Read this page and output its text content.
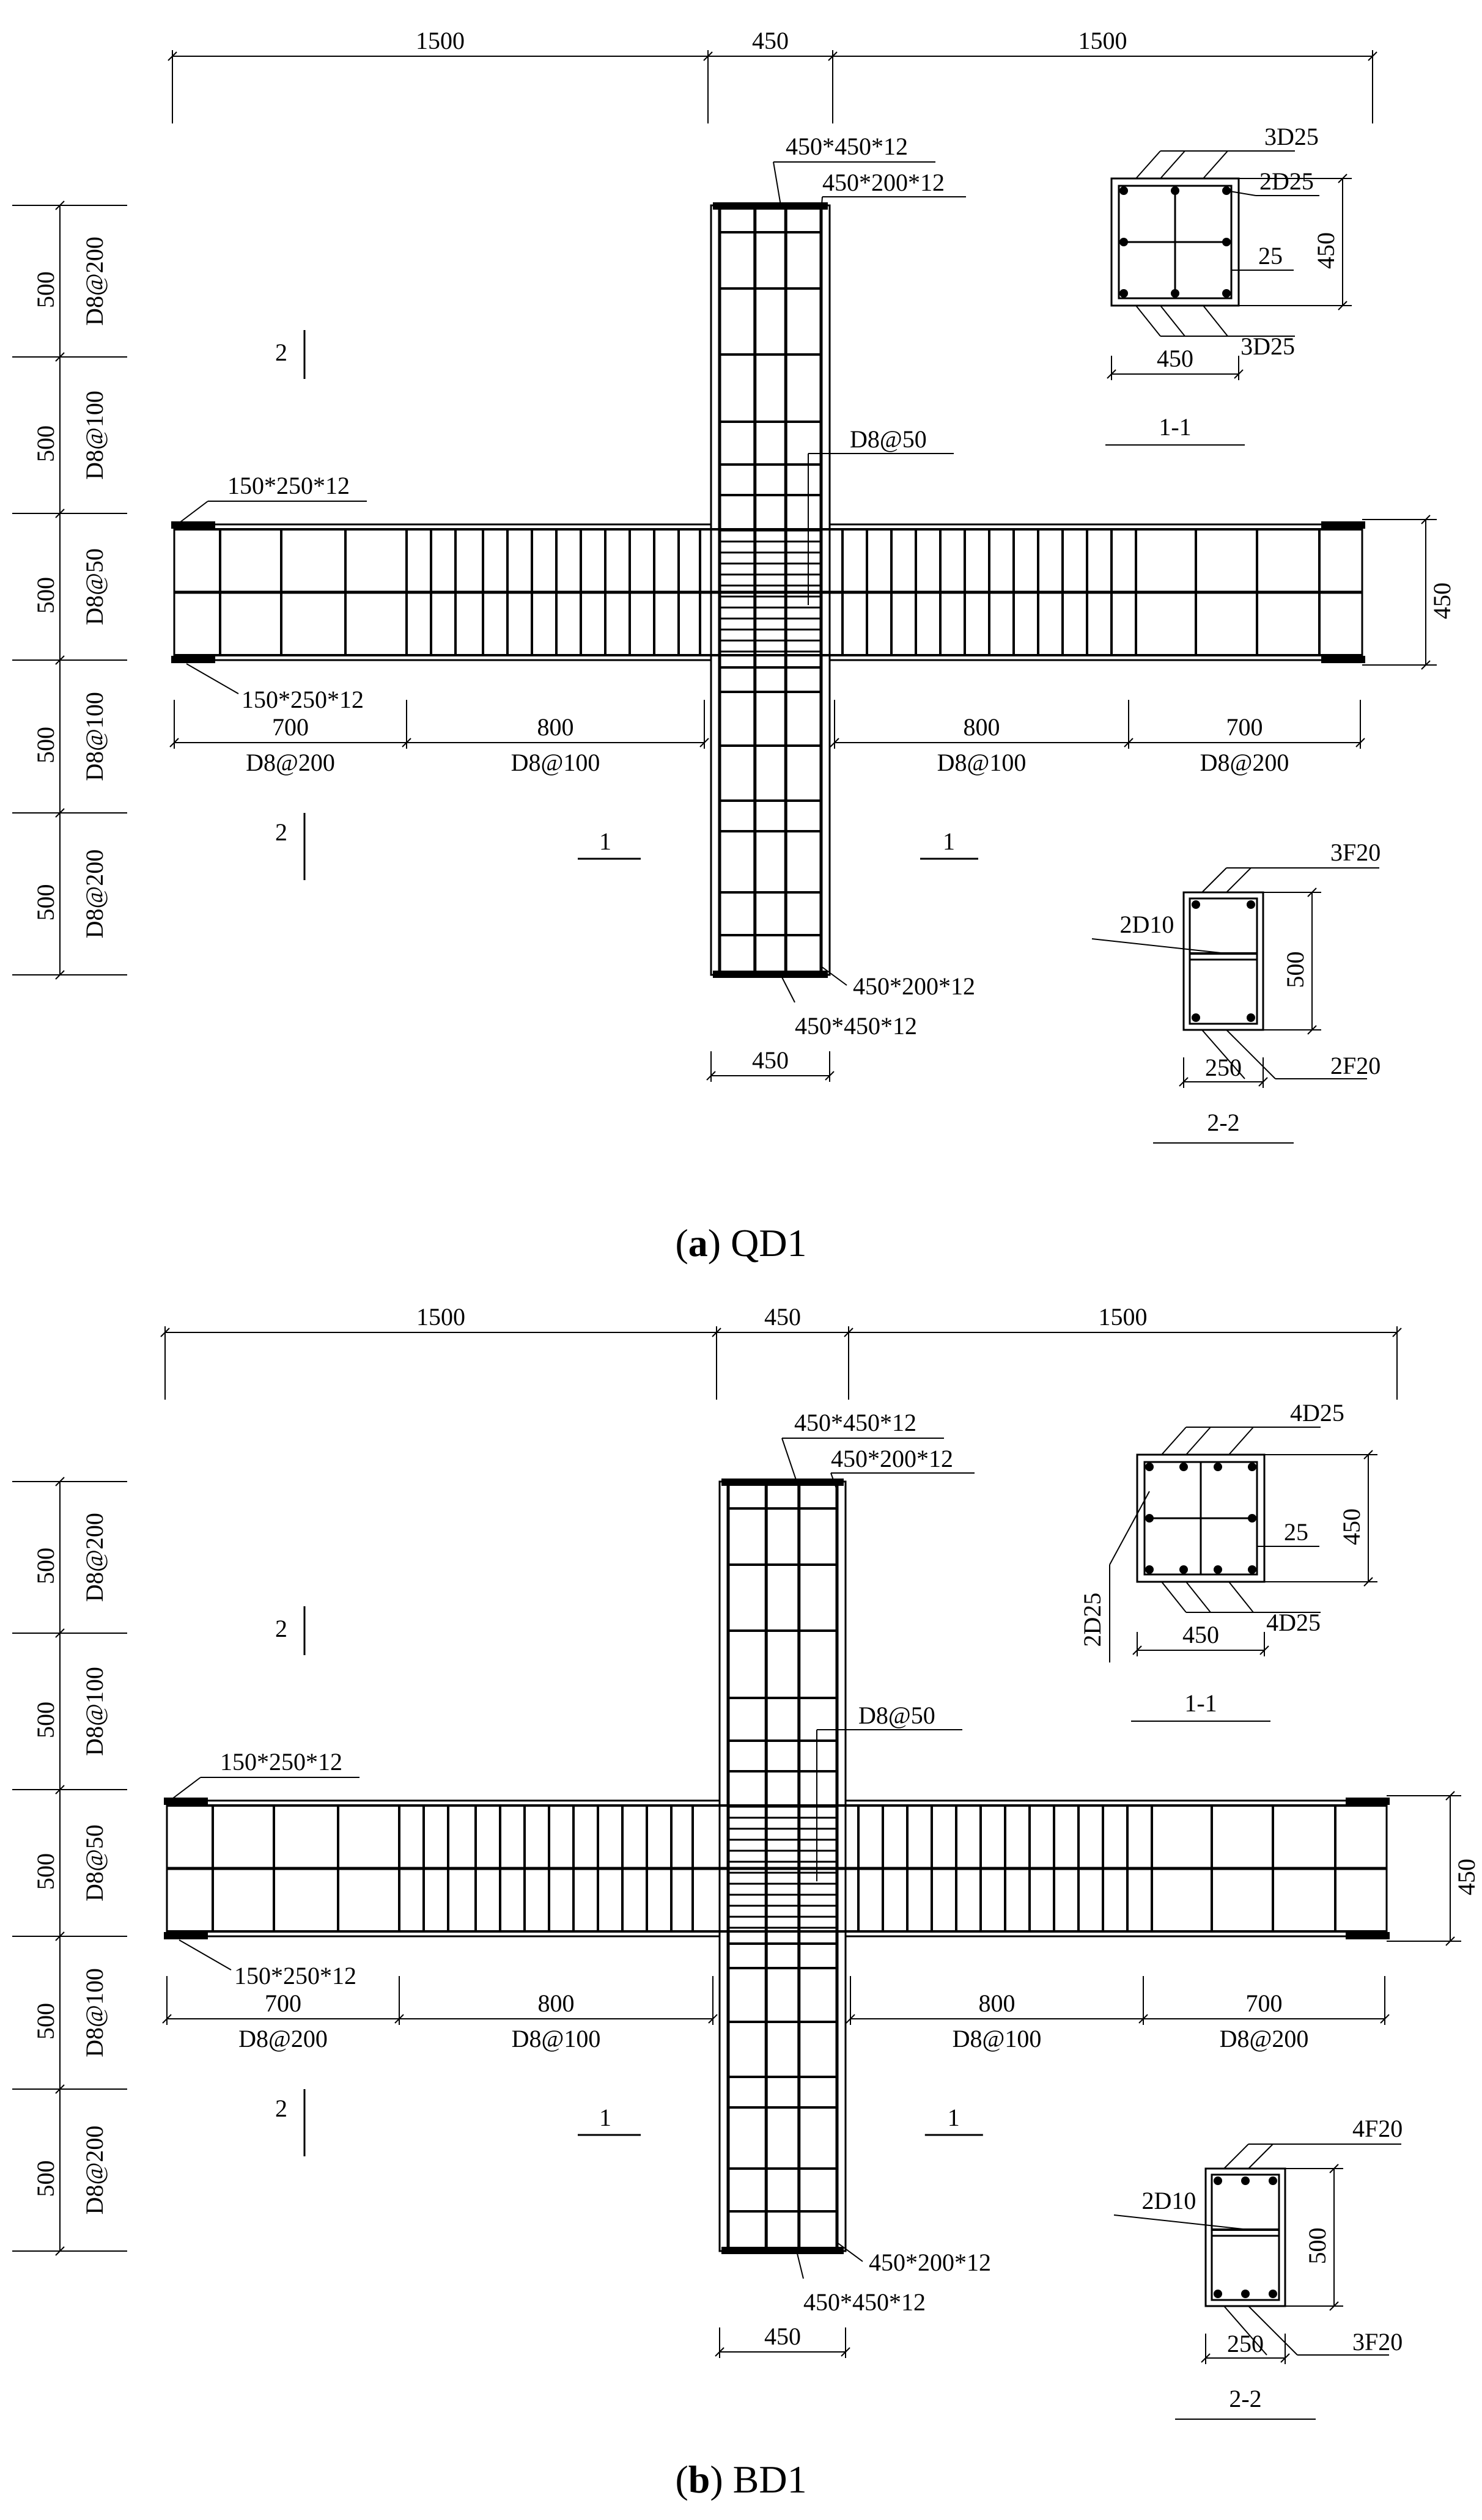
1500	450	1500
500 D8@200
500 D8@100
500 D8@50
500 D8@100
500 D8@200
450
700
D8@200
800
D8@100
800
D8@100
700
D8@200
2
2	1	1
450*450*12
450*200*12
450*200*12
450*450*12
450
D8@50
150*250*12
150*250*12
3D25
2D25
25
3D25
450
450
1-1
3F20
2D10
2F20
500
250
2-2
(a) QD1
1500	450	1500
500 D8@200
500 D8@100
500 D8@50
500 D8@100
500 D8@200
450
700
D8@200
800
D8@100
800
D8@100
700
D8@200
2
2	1	1
450*450*12
450*200*12
450*200*12
450*450*12
450
D8@50
150*250*12
150*250*12
4D25
2D25
25
4D25
450
450
1-1
4F20
2D10
3F20
500
250
2-2
(b) BD1
